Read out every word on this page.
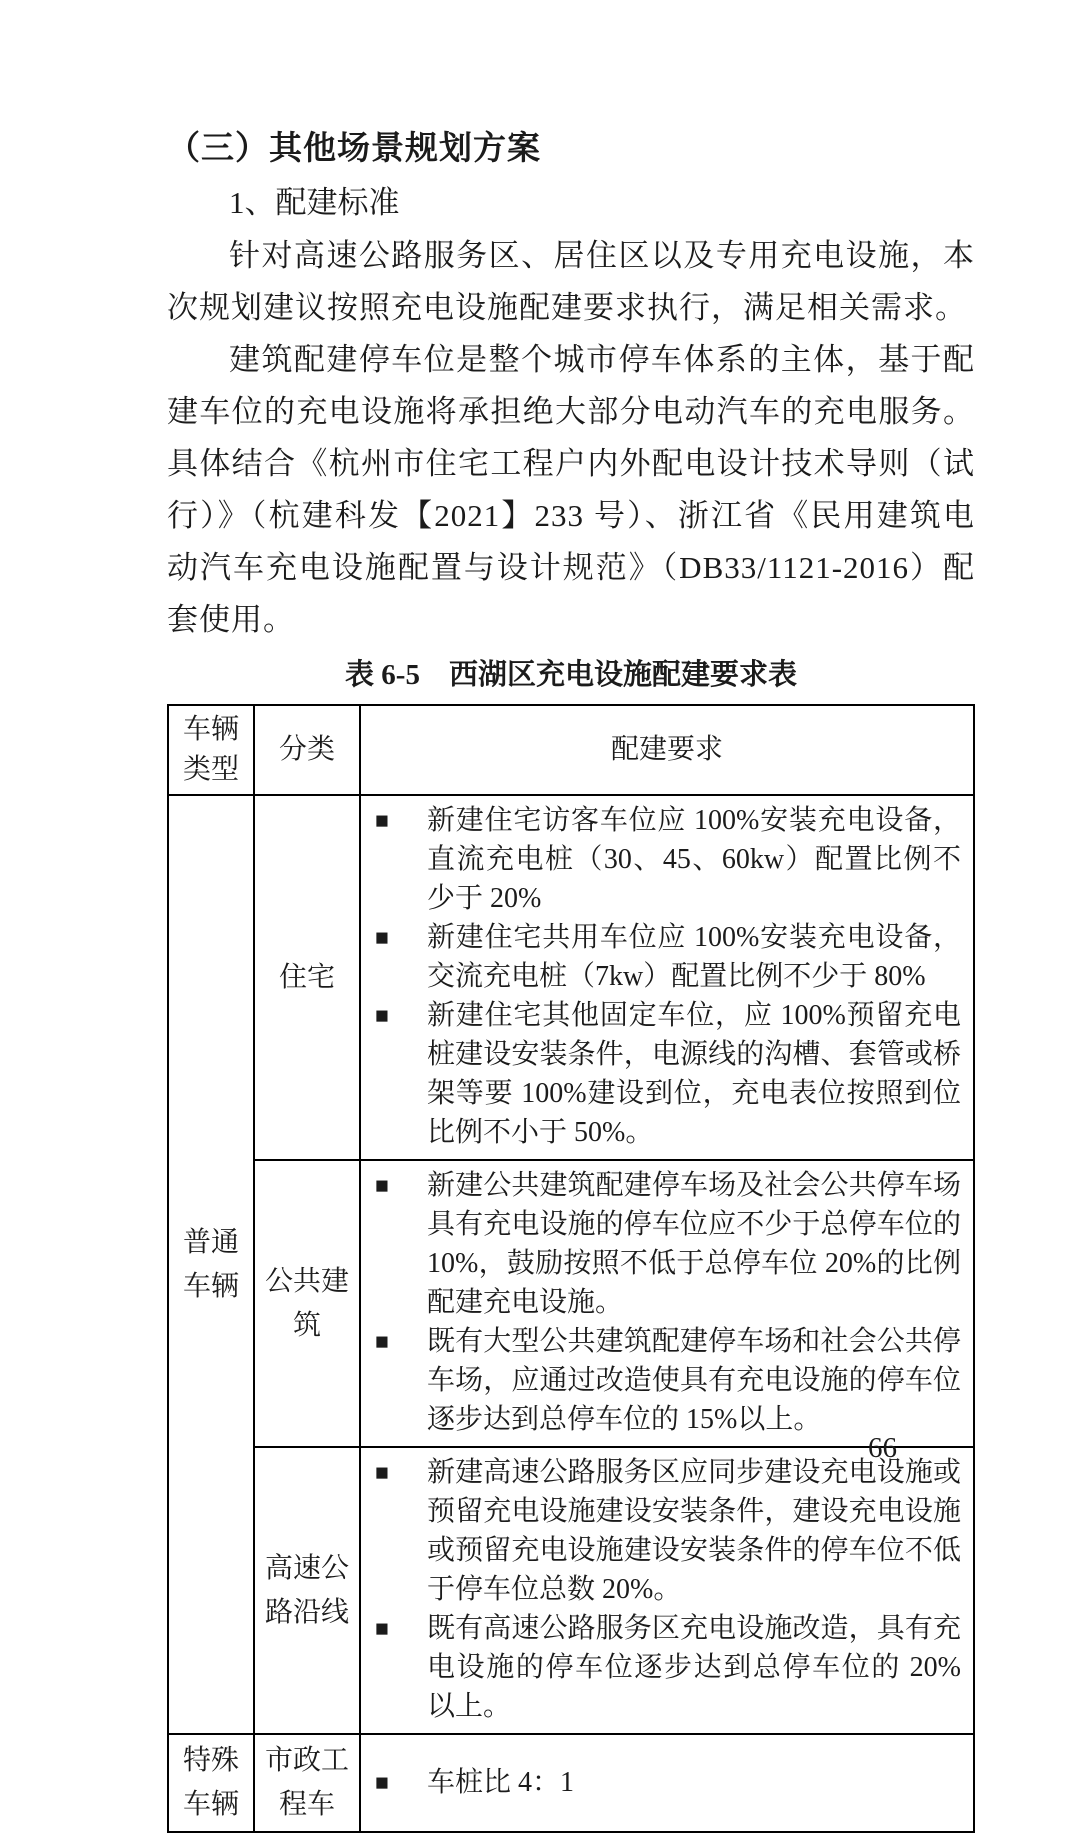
（三）其他场景规划方案
1、配建标准

针对高速公路服务区、居住区以及专用充电设施，本次规划建议按照充电设施配建要求执行，满足相关需求。

建筑配建停车位是整个城市停车体系的主体，基于配建车位的充电设施将承担绝大部分电动汽车的充电服务。具体结合《杭州市住宅工程户内外配电设计技术导则（试行）》（杭建科发【2021】233 号）、浙江省《民用建筑电动汽车充电设施配置与设计规范》（DB33/1121-2016）配套使用。

表 6-5　西湖区充电设施配建要求表
车辆类型	分类	配建要求
普通车辆	住宅	
■ 新建住宅访客车位应 100%安装充电设备，直流充电桩（30、45、60kw）配置比例不少于 20%
■ 新建住宅共用车位应 100%安装充电设备，交流充电桩（7kw）配置比例不少于 80%
■ 新建住宅其他固定车位，应 100%预留充电桩建设安装条件，电源线的沟槽、套管或桥架等要 100%建设到位，充电表位按照到位比例不小于 50%。

	公共建筑	■ 新建公共建筑配建停车场及社会公共停车场具有充电设施的停车位应不少于总停车位的 10%，鼓励按照不低于总停车位 20%的比例配建充电设施。
■ 既有大型公共建筑配建停车场和社会公共停车场，应通过改造使具有充电设施的停车位逐步达到总停车位的 15%以上。

	高速公路沿线	■ 新建高速公路服务区应同步建设充电设施或预留充电设施建设安装条件，建设充电设施或预留充电设施建设安装条件的停车位不低于停车位总数 20%。
■ 既有高速公路服务区充电设施改造，具有充电设施的停车位逐步达到总停车位的 20%以上。

特殊车辆	市政工程车	■ 车桩比 4：1
66
